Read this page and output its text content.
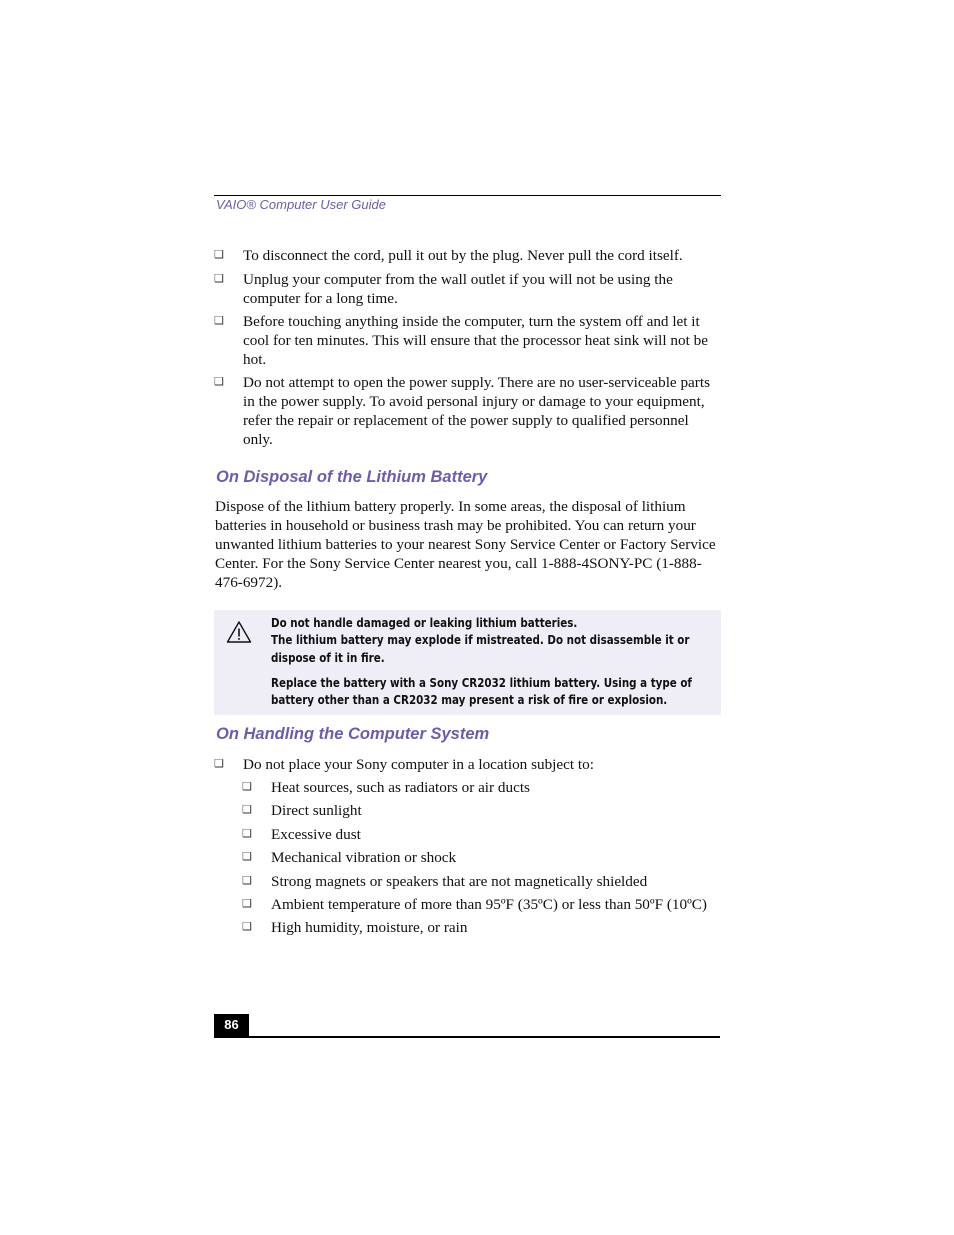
VAIO® Computer User Guide
❑ To disconnect the cord, pull it out by the plug. Never pull the cord itself.
❑ Unplug your computer from the wall outlet if you will not be using the computer for a long time.
❑ Before touching anything inside the computer, turn the system off and let it cool for ten minutes. This will ensure that the processor heat sink will not be hot.
❑ Do not attempt to open the power supply. There are no user-serviceable parts in the power supply. To avoid personal injury or damage to your equipment, refer the repair or replacement of the power supply to qualified personnel only.
On Disposal of the Lithium Battery
Dispose of the lithium battery properly. In some areas, the disposal of lithium batteries in household or business trash may be prohibited. You can return your unwanted lithium batteries to your nearest Sony Service Center or Factory Service Center. For the Sony Service Center nearest you, call 1-888-4SONY-PC (1-888-476-6972).
Do not handle damaged or leaking lithium batteries.
The lithium battery may explode if mistreated. Do not disassemble it or
dispose of it in fire.
Replace the battery with a Sony CR2032 lithium battery. Using a type of
battery other than a CR2032 may present a risk of fire or explosion.
On Handling the Computer System
❑ Do not place your Sony computer in a location subject to:
❑ Heat sources, such as radiators or air ducts
❑ Direct sunlight
❑ Excessive dust
❑ Mechanical vibration or shock
❑ Strong magnets or speakers that are not magnetically shielded
❑ Ambient temperature of more than 95ºF (35ºC) or less than 50ºF (10ºC)
❑ High humidity, moisture, or rain
86
